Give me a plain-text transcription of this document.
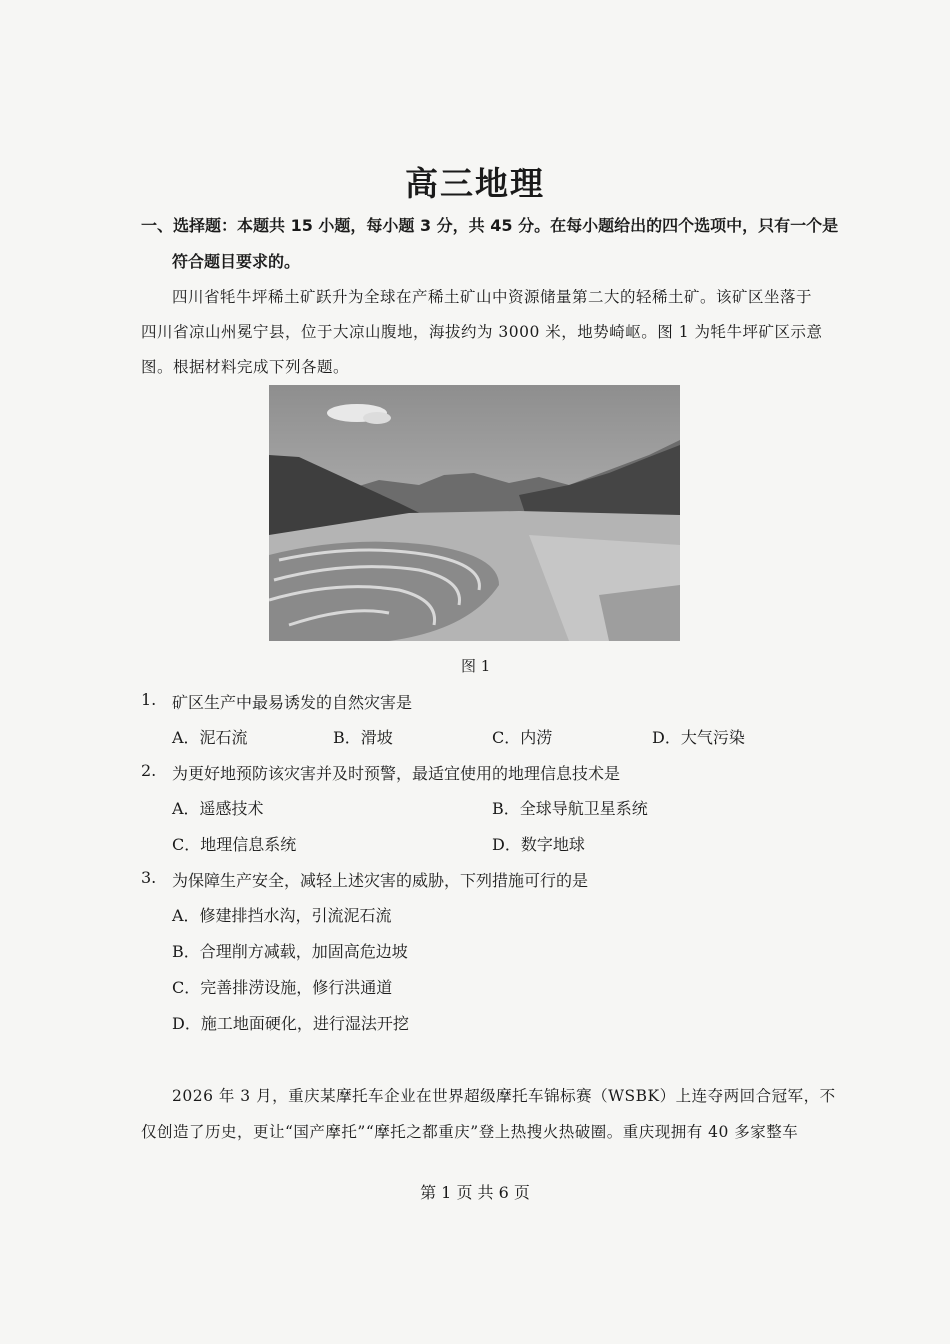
高三地理
一、选择题：本题共 15 小题，每小题 3 分，共 45 分。在每小题给出的四个选项中，只有一个是
符合题目要求的。
四川省牦牛坪稀土矿跃升为全球在产稀土矿山中资源储量第二大的轻稀土矿。该矿区坐落于
四川省凉山州冕宁县，位于大凉山腹地，海拔约为 3000 米，地势崎岖。图 1 为牦牛坪矿区示意
图。根据材料完成下列各题。
图 1
1. 矿区生产中最易诱发的自然灾害是
A．泥石流	B．滑坡	C．内涝	D．大气污染
2. 为更好地预防该灾害并及时预警，最适宜使用的地理信息技术是
A．遥感技术	B．全球导航卫星系统
C．地理信息系统	D．数字地球
3. 为保障生产安全，减轻上述灾害的威胁，下列措施可行的是
A．修建排挡水沟，引流泥石流
B．合理削方减载，加固高危边坡
C．完善排涝设施，修行洪通道
D．施工地面硬化，进行湿法开挖
2026 年 3 月，重庆某摩托车企业在世界超级摩托车锦标赛（WSBK）上连夺两回合冠军，不
仅创造了历史，更让“国产摩托”“摩托之都重庆”登上热搜火热破圈。重庆现拥有 40 多家整车
第 1 页 共 6 页
